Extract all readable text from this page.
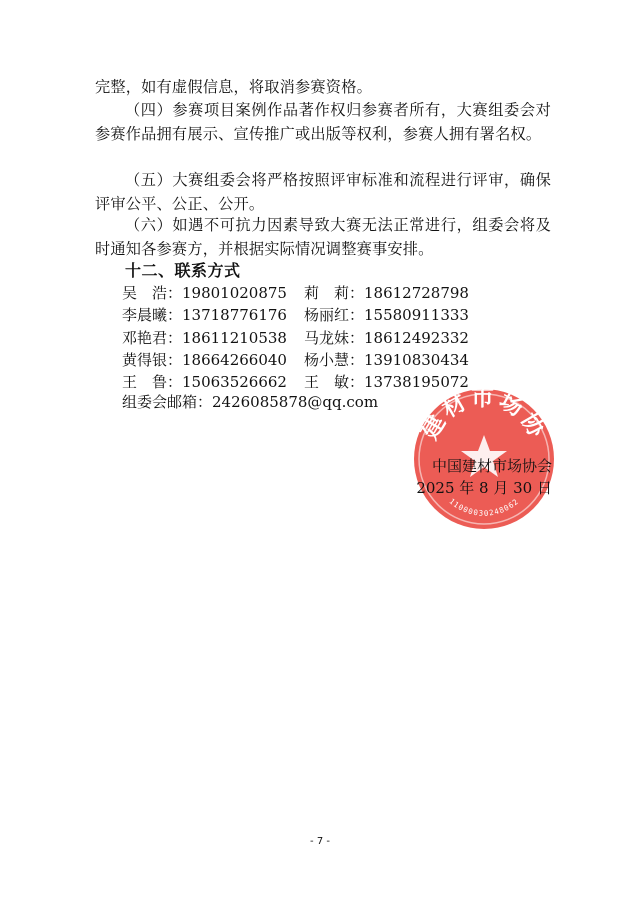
完整，如有虚假信息，将取消参赛资格。

（四）参赛项目案例作品著作权归参赛者所有，大赛组委会对参赛作品拥有展示、宣传推广或出版等权利，参赛人拥有署名权。

（五）大赛组委会将严格按照评审标准和流程进行评审，确保评审公平、公正、公开。

（六）如遇不可抗力因素导致大赛无法正常进行，组委会将及时通知各参赛方，并根据实际情况调整赛事安排。

十二、联系方式
吴　浩：19801020875 莉　莉：18612728798
李晨曦：13718776176 杨丽红：15580911333
邓艳君：18611210538 马龙妹：18612492332
黄得银：18664266040 杨小慧：13910830434
王　鲁：15063526662 王　敏：13738195072
组委会邮箱：2426085878@qq.com
建材市场协
11000030248062
中国建材市场协会
2025 年 8 月 30 日
- 7 -
